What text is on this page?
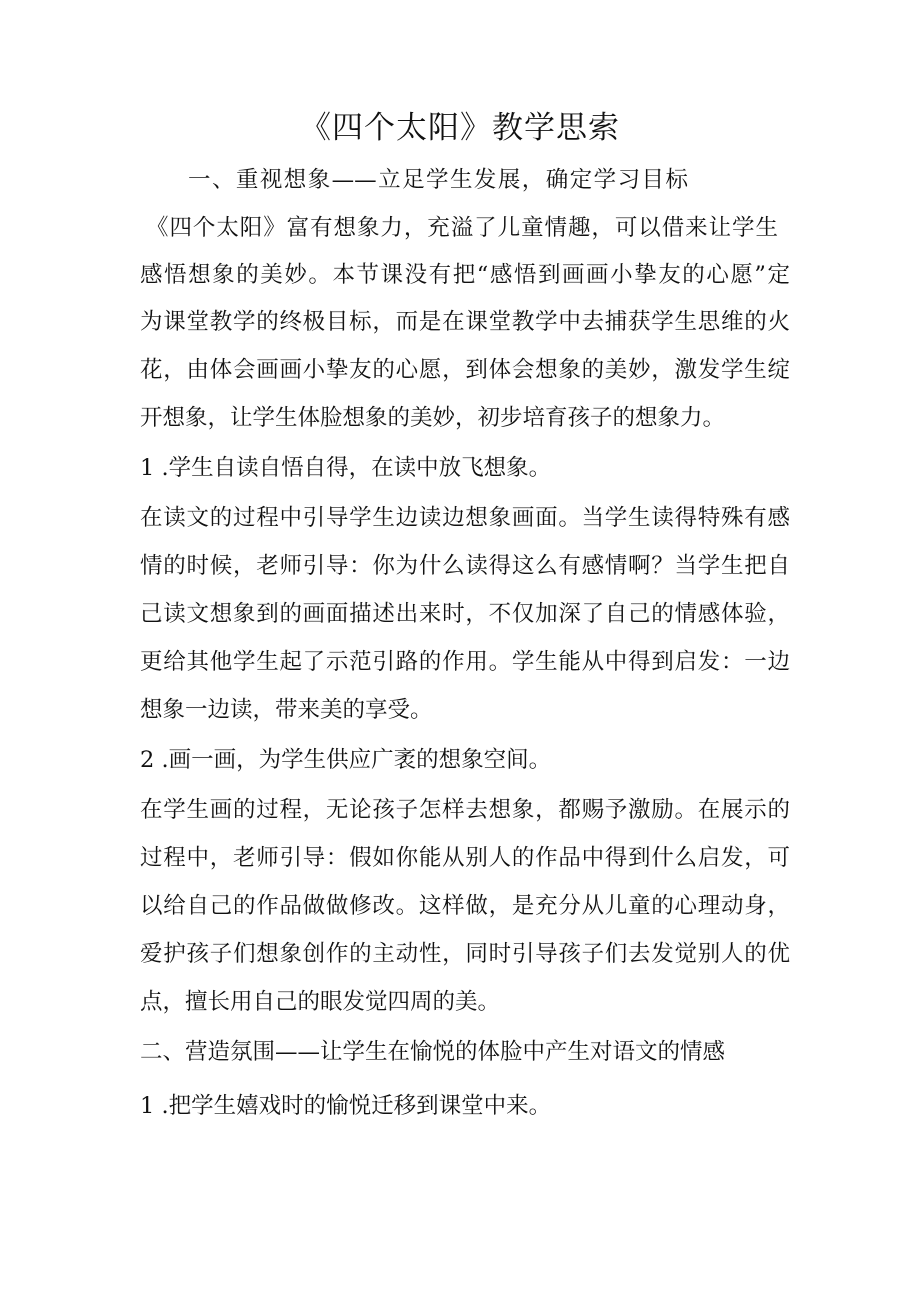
《四个太阳》教学思索
一、重视想象——立足学生发展，确定学习目标
《四个太阳》富有想象力，充溢了儿童情趣，可以借来让学生
感悟想象的美妙。本节课没有把“感悟到画画小挚友的心愿”定
为课堂教学的终极目标，而是在课堂教学中去捕获学生思维的火
花，由体会画画小挚友的心愿，到体会想象的美妙，激发学生绽
开想象，让学生体脸想象的美妙，初步培育孩子的想象力。
1 .学生自读自悟自得，在读中放飞想象。
在读文的过程中引导学生边读边想象画面。当学生读得特殊有感
情的时候，老师引导：你为什么读得这么有感情啊？当学生把自
己读文想象到的画面描述出来时，不仅加深了自己的情感体验，
更给其他学生起了示范引路的作用。学生能从中得到启发：一边
想象一边读，带来美的享受。
2 .画一画，为学生供应广袤的想象空间。
在学生画的过程，无论孩子怎样去想象，都赐予激励。在展示的
过程中，老师引导：假如你能从别人的作品中得到什么启发，可
以给自己的作品做做修改。这样做，是充分从儿童的心理动身，
爱护孩子们想象创作的主动性，同时引导孩子们去发觉别人的优
点，擅长用自己的眼发觉四周的美。
二、营造氛围——让学生在愉悦的体脸中产生对语文的情感
1 .把学生嬉戏时的愉悦迁移到课堂中来。
